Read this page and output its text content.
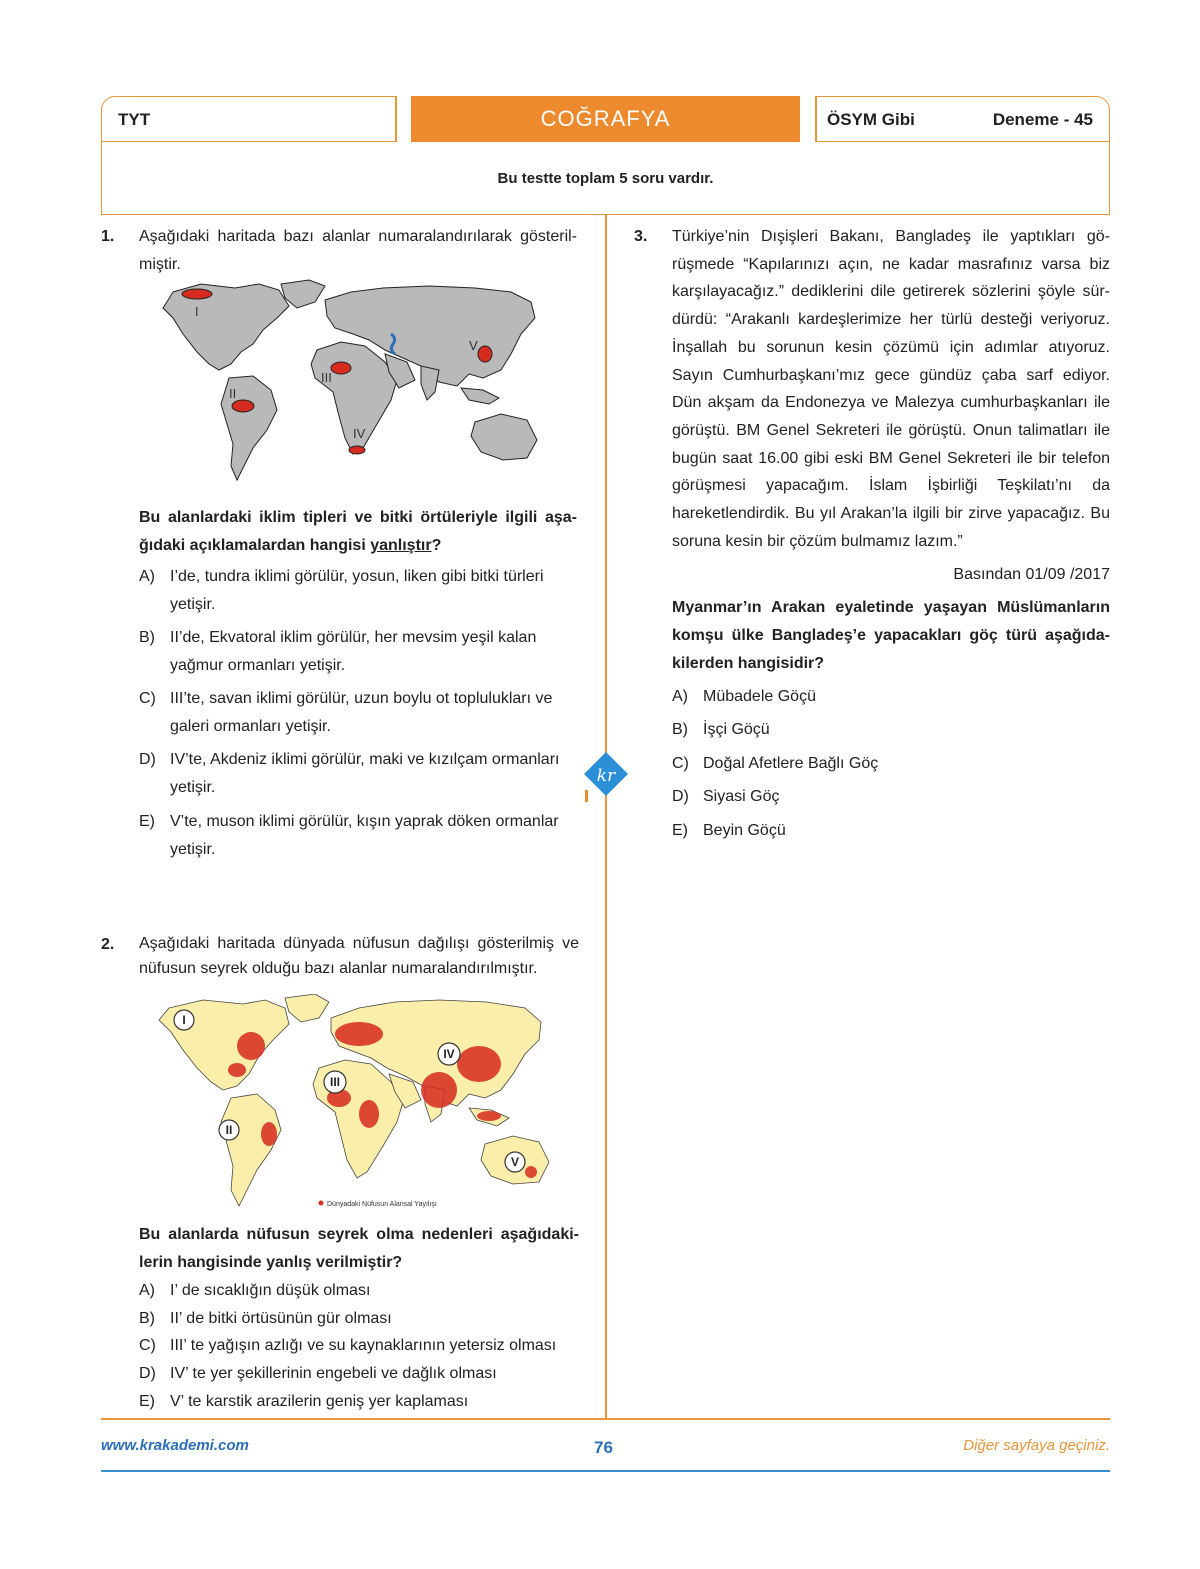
TYT	COĞRAFYA	ÖSYM Gibi	Deneme - 45
Bu testte toplam 5 soru vardır.
1. Aşağıdaki haritada bazı alanlar numaralandırılarak gösteril-miştir.
I
II
III
IV
V
Bu alanlardaki iklim tipleri ve bitki örtüleriyle ilgili aşa-ğıdaki açıklamalardan hangisi yanlıştır?
A) I’de, tundra iklimi görülür, yosun, liken gibi bitki türleri yetişir.
B) II’de, Ekvatoral iklim görülür, her mevsim yeşil kalan yağmur ormanları yetişir.
C) III’te, savan iklimi görülür, uzun boylu ot toplulukları ve galeri ormanları yetişir.
D) IV’te, Akdeniz iklimi görülür, maki ve kızılçam ormanları yetişir.
E) V’te, muson iklimi görülür, kışın yaprak döken ormanlar yetişir.
2. Aşağıdaki haritada dünyada nüfusun dağılışı gösterilmiş ve nüfusun seyrek olduğu bazı alanlar numaralandırılmıştır.
I
II
III
IV
V
Dünyadaki Nüfusun Alansal Yayılışı
Bu alanlarda nüfusun seyrek olma nedenleri aşağıdaki-lerin hangisinde yanlış verilmiştir?
A) I’ de sıcaklığın düşük olması
B) II’ de bitki örtüsünün gür olması
C) III’ te yağışın azlığı ve su kaynaklarının yetersiz olması
D) IV’ te yer şekillerinin engebeli ve dağlık olması
E) V’ te karstik arazilerin geniş yer kaplaması
kr
3. Türkiye’nin Dışişleri Bakanı, Bangladeş ile yaptıkları gö-rüşmede “Kapılarınızı açın, ne kadar masrafınız varsa biz karşılayacağız.” dediklerini dile getirerek sözlerini şöyle sür-dürdü: “Arakanlı kardeşlerimize her türlü desteği veriyoruz. İnşallah bu sorunun kesin çözümü için adımlar atıyoruz. Sayın Cumhurbaşkanı’mız gece gündüz çaba sarf ediyor. Dün akşam da Endonezya ve Malezya cumhurbaşkanları ile görüştü. BM Genel Sekreteri ile görüştü. Onun talimatları ile bugün saat 16.00 gibi eski BM Genel Sekreteri ile bir telefon görüşmesi yapacağım. İslam İşbirliği Teşkilatı’nı da hareketlendirdik. Bu yıl Arakan’la ilgili bir zirve yapacağız. Bu soruna kesin bir çözüm bulmamız lazım.”
Basından 01/09 /2017
Myanmar’ın Arakan eyaletinde yaşayan Müslümanların komşu ülke Bangladeş’e yapacakları göç türü aşağıda-kilerden hangisidir?
A) Mübadele Göçü
B) İşçi Göçü
C) Doğal Afetlere Bağlı Göç
D) Siyasi Göç
E) Beyin Göçü
www.krakademi.com	76	Diğer sayfaya geçiniz.
